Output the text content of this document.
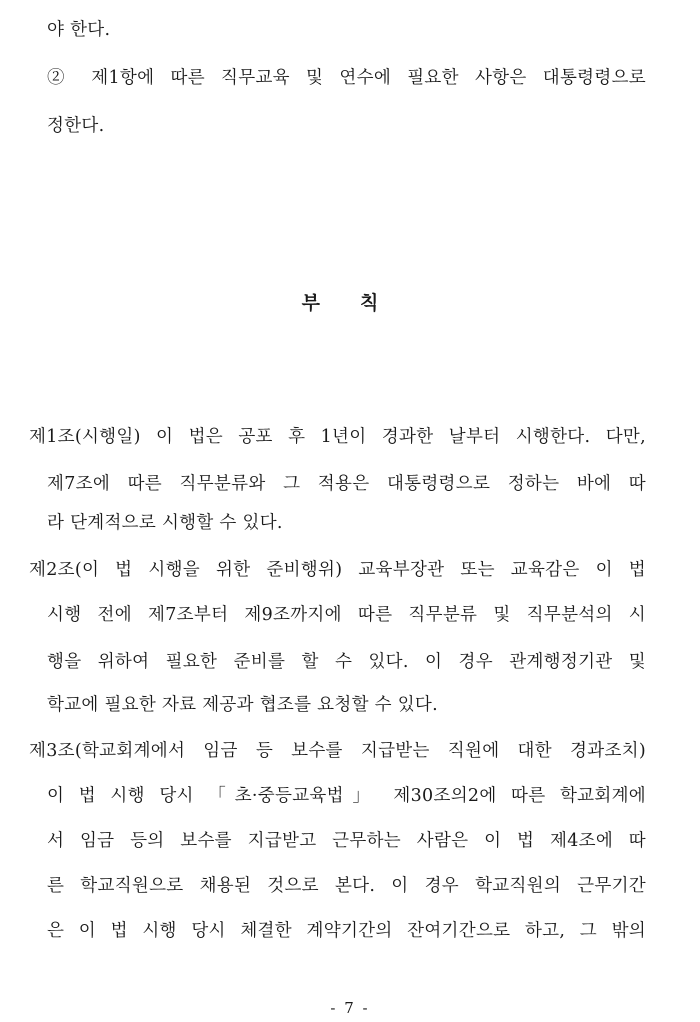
야 한다.
② 제1항에 따른 직무교육 및 연수에 필요한 사항은 대통령령으로
정한다.
부칙
제1조(시행일) 이 법은 공포 후 1년이 경과한 날부터 시행한다. 다만,
제7조에 따른 직무분류와 그 적용은 대통령령으로 정하는 바에 따
라 단계적으로 시행할 수 있다.
제2조(이 법 시행을 위한 준비행위) 교육부장관 또는 교육감은 이 법
시행 전에 제7조부터 제9조까지에 따른 직무분류 및 직무분석의 시
행을 위하여 필요한 준비를 할 수 있다. 이 경우 관계행정기관 및
학교에 필요한 자료 제공과 협조를 요청할 수 있다.
제3조(학교회계에서 임금 등 보수를 지급받는 직원에 대한 경과조치)
이 법 시행 당시 「초·중등교육법」 제30조의2에 따른 학교회계에
서 임금 등의 보수를 지급받고 근무하는 사람은 이 법 제4조에 따
른 학교직원으로 채용된 것으로 본다. 이 경우 학교직원의 근무기간
은 이 법 시행 당시 체결한 계약기간의 잔여기간으로 하고, 그 밖의
- 7 -
